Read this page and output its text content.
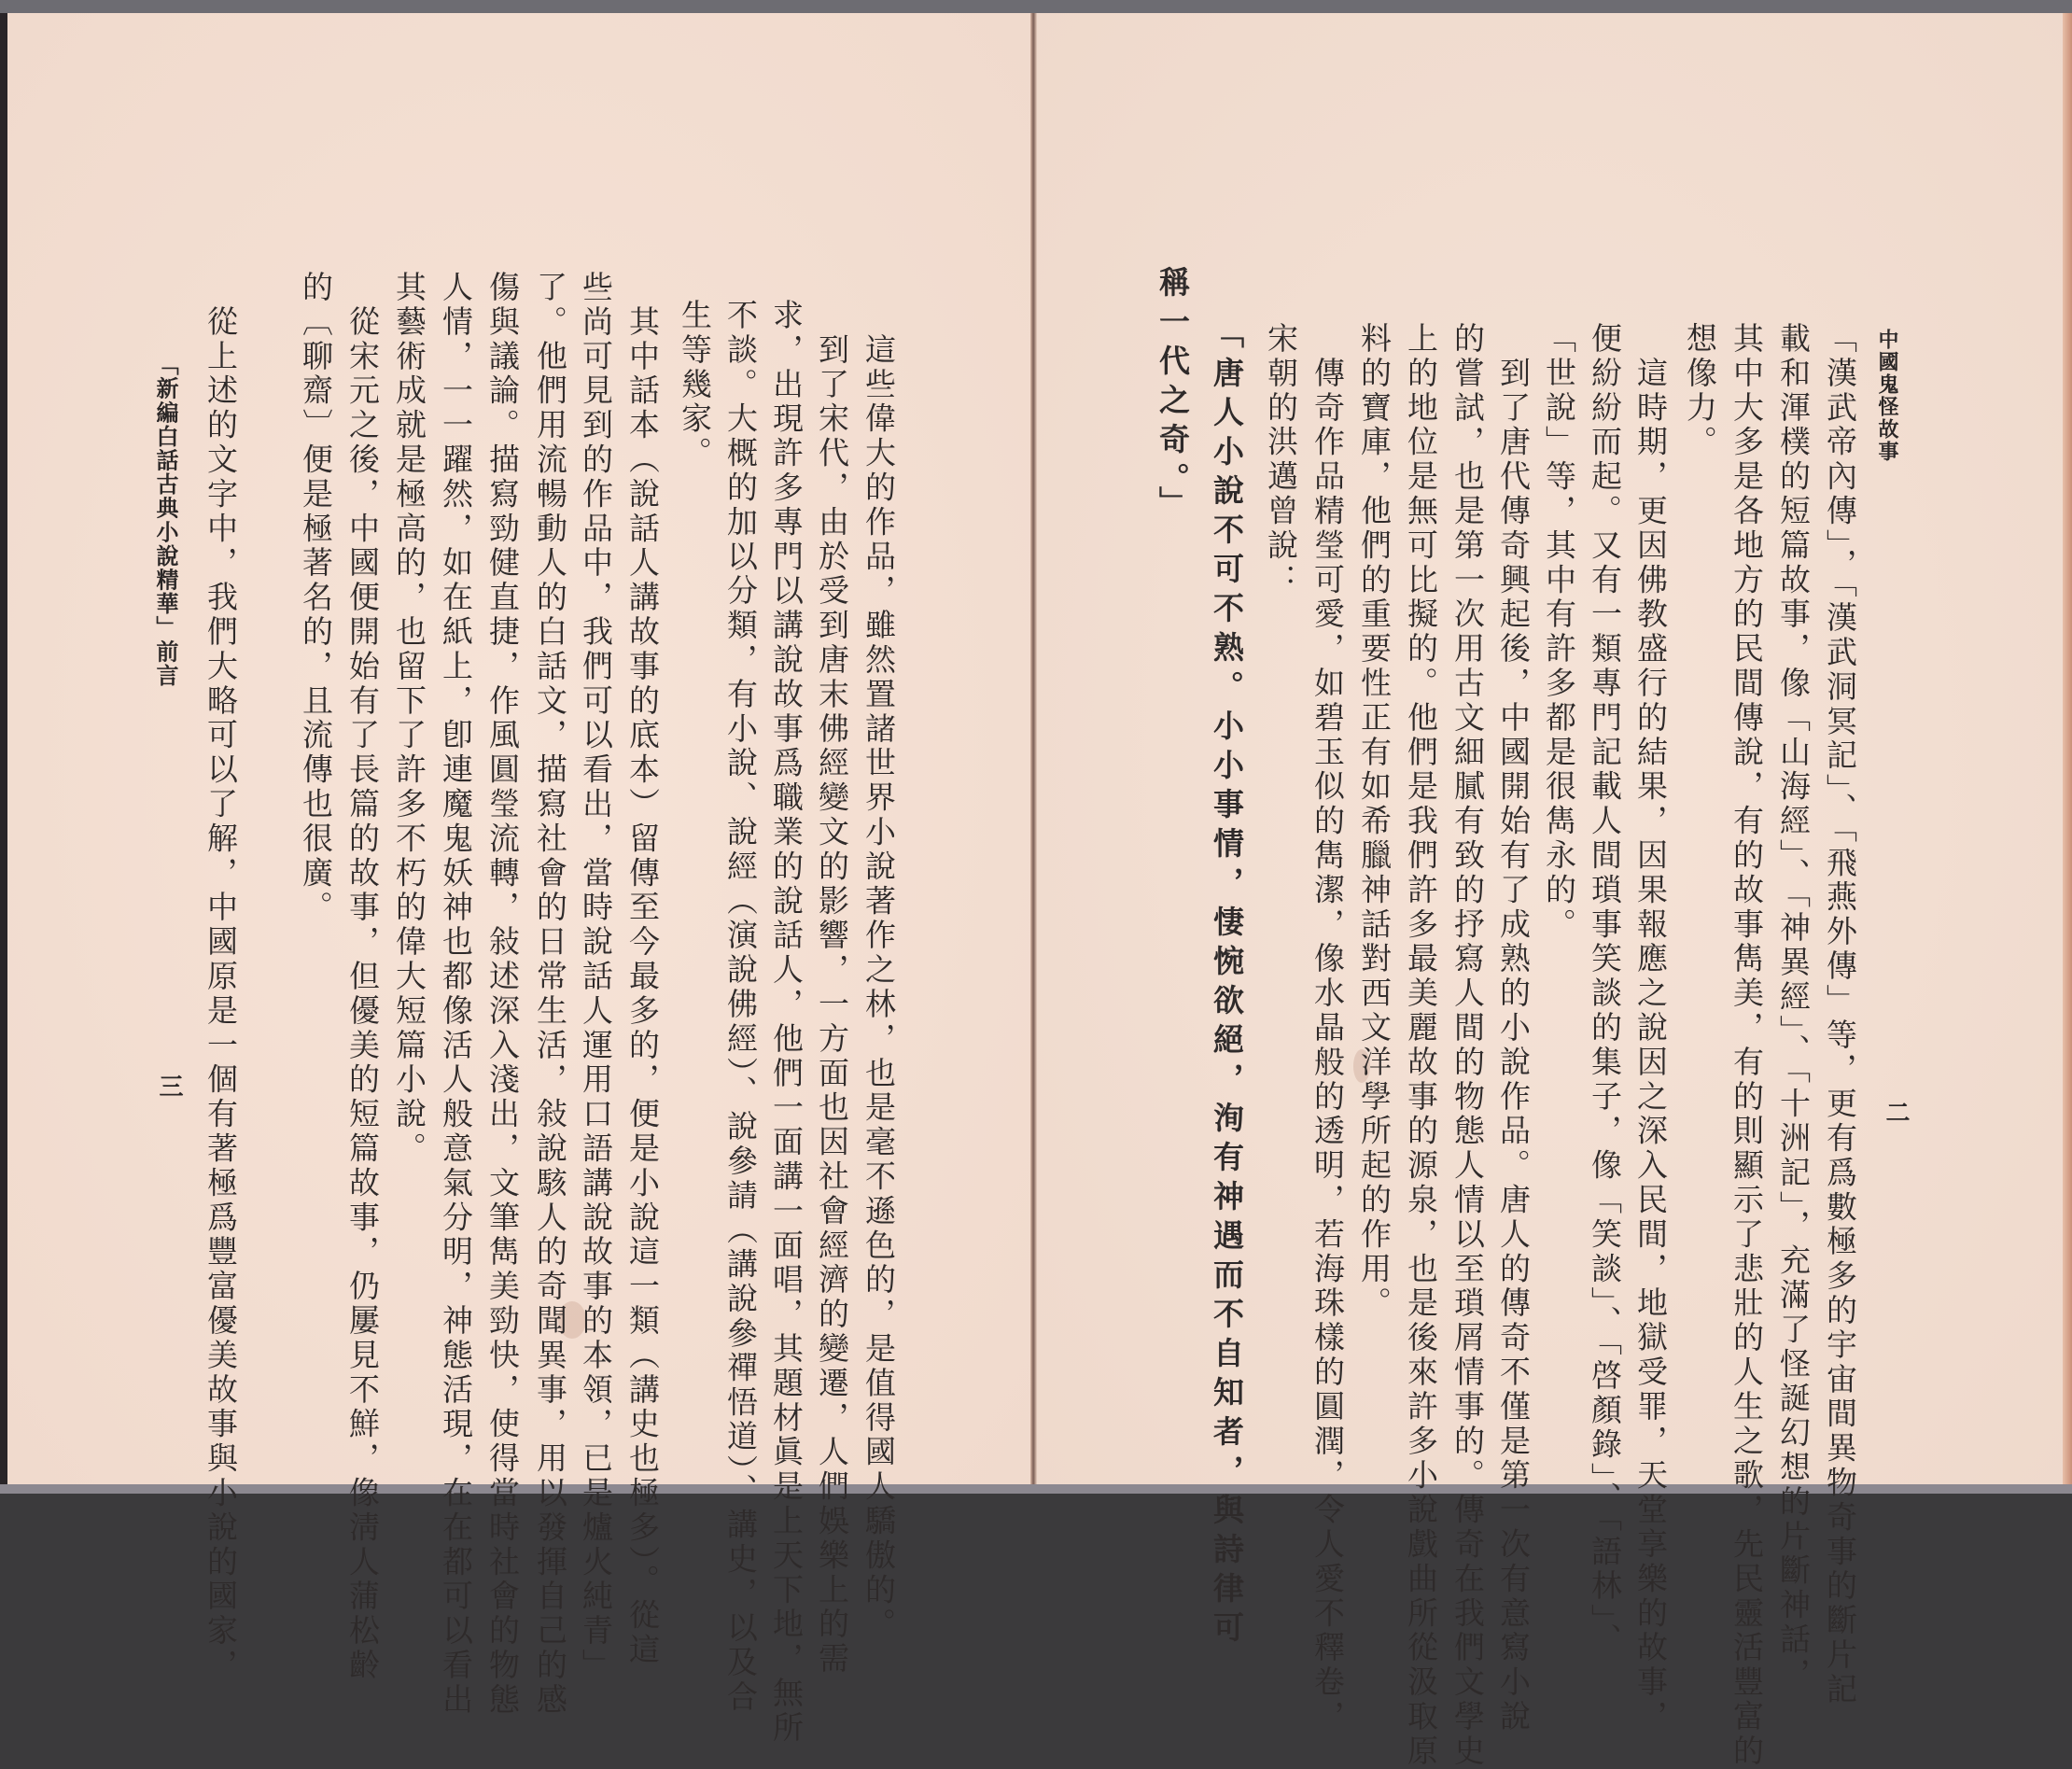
中國鬼怪故事
二
「漢武帝內傳」，「漢武洞冥記」、「飛燕外傳」等，更有爲數極多的宇宙間異物奇事的斷片記
載和渾樸的短篇故事，像「山海經」、「神異經」、「十洲記」，充滿了怪誕幻想的片斷神話，
其中大多是各地方的民間傳說，有的故事雋美，有的則顯示了悲壯的人生之歌，先民靈活豐富的
想像力。
　這時期，更因佛教盛行的結果，因果報應之說因之深入民間，地獄受罪，天堂享樂的故事，
便紛紛而起。又有一類專門記載人間瑣事笑談的集子，像「笑談」、「啓顏錄」、「語林」、
「世說」等，其中有許多都是很雋永的。
　到了唐代傳奇興起後，中國開始有了成熟的小說作品。唐人的傳奇不僅是第一次有意寫小說
的嘗試，也是第一次用古文細膩有致的抒寫人間的物態人情以至瑣屑情事的。傳奇在我們文學史
上的地位是無可比擬的。他們是我們許多最美麗故事的源泉，也是後來許多小說戲曲所從汲取原
料的寶庫，他們的重要性正有如希臘神話對西文洋學所起的作用。
　傳奇作品精瑩可愛，如碧玉似的雋潔，像水晶般的透明，若海珠樣的圓潤，令人愛不釋卷，
宋朝的洪邁曾說：
「唐人小說不可不熟。小小事情，悽惋欲絕，洵有神遇而不自知者，與詩律可
稱一代之奇。」
　這些偉大的作品，雖然置諸世界小說著作之林，也是毫不遜色的，是值得國人驕傲的。
　到了宋代，由於受到唐末佛經變文的影響，一方面也因社會經濟的變遷，人們娛樂上的需
求，出現許多專門以講說故事爲職業的說話人，他們一面講一面唱，其題材眞是上天下地，無所
不談。大概的加以分類，有小說、說經（演說佛經）、說參請（講說參禪悟道）、講史，以及合
生等幾家。
　其中話本（說話人講故事的底本）留傳至今最多的，便是小說這一類（講史也極多）。從這
些尚可見到的作品中，我們可以看出，當時說話人運用口語講說故事的本領，已是爐火純青」
了。他們用流暢動人的白話文，描寫社會的日常生活，敍說駭人的奇聞異事，用以發揮自己的感
傷與議論。描寫勁健直捷，作風圓瑩流轉，敍述深入淺出，文筆雋美勁快，使得當時社會的物態
人情，一一躍然，如在紙上，卽連魔鬼妖神也都像活人般意氣分明，神態活現，在在都可以看出
其藝術成就是極高的，也留下了許多不朽的偉大短篇小說。
　從宋元之後，中國便開始有了長篇的故事，但優美的短篇故事，仍屢見不鮮，像淸人蒲松齡
的〔聊齋〕便是極著名的，且流傳也很廣。
　從上述的文字中，我們大略可以了解，中國原是一個有著極爲豐富優美故事與小說的國家，
「新編白話古典小說精華」前言
三
